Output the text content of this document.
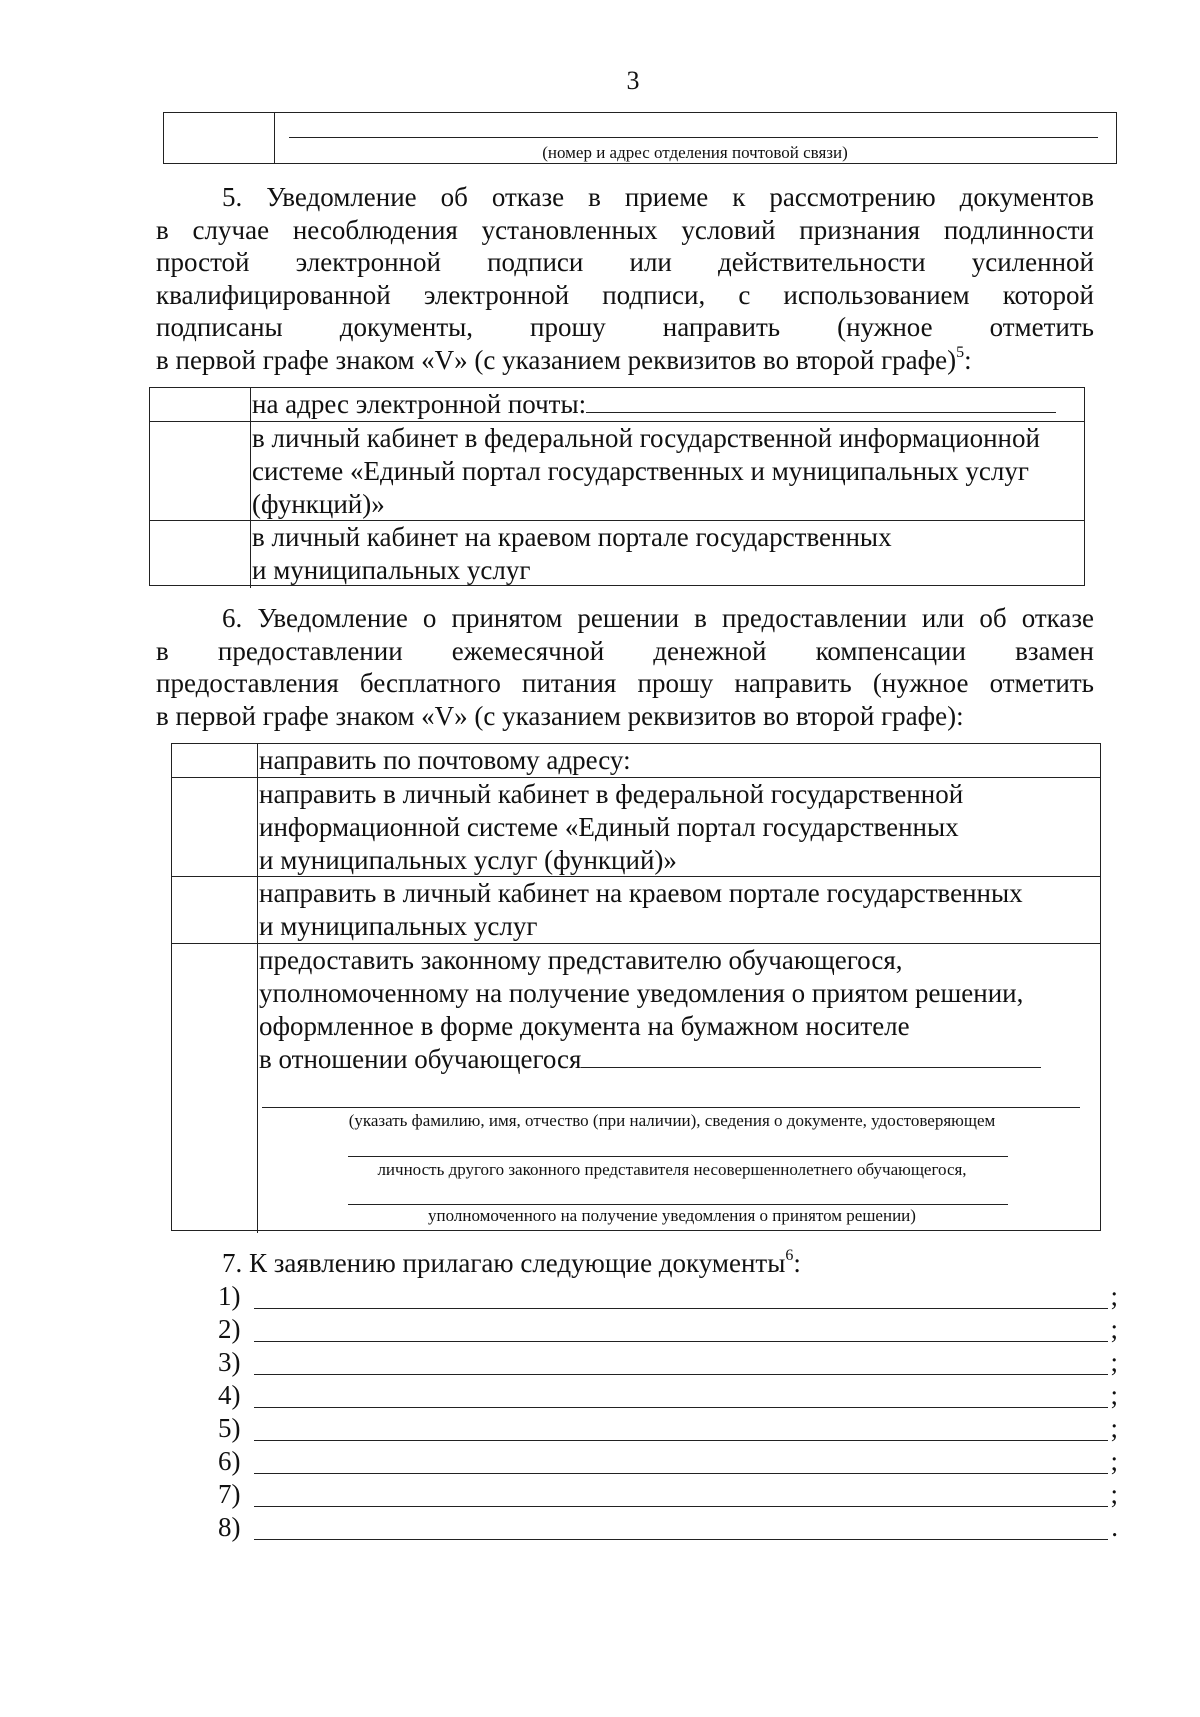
3
(номер и адрес отделения почтовой связи)
5. Уведомление об отказе в приеме к рассмотрению документов
в случае несоблюдения установленных условий признания подлинности
простой электронной подписи или действительности усиленной
квалифицированной электронной подписи, с использованием которой
подписаны документы, прошу направить (нужное отметить
в первой графе знаком «V» (с указанием реквизитов во второй графе)$^5$:
на адрес электронной почты:
в личный кабинет в федеральной государственной информационной
системе «Единый портал государственных и муниципальных услуг
(функций)»
в личный кабинет на краевом портале государственных
и муниципальных услуг
6. Уведомление о принятом решении в предоставлении или об отказе
в предоставлении ежемесячной денежной компенсации взамен
предоставления бесплатного питания прошу направить (нужное отметить
в первой графе знаком «V» (с указанием реквизитов во второй графе):
направить по почтовому адресу:
направить в личный кабинет в федеральной государственной
информационной системе «Единый портал государственных
и муниципальных услуг (функций)»
направить в личный кабинет на краевом портале государственных
и муниципальных услуг
предоставить законному представителю обучающегося,
уполномоченному на получение уведомления о приятом решении,
оформленное в форме документа на бумажном носителе
в отношении обучающегося
(указать фамилию, имя, отчество (при наличии), сведения о документе, удостоверяющем
личность другого законного представителя несовершеннолетнего обучающегося,
уполномоченного на получение уведомления о принятом решении)
7. К заявлению прилагаю следующие документы$^6$:
1)	;
2)	;
3)	;
4)	;
5)	;
6)	;
7)	;
8)	.
